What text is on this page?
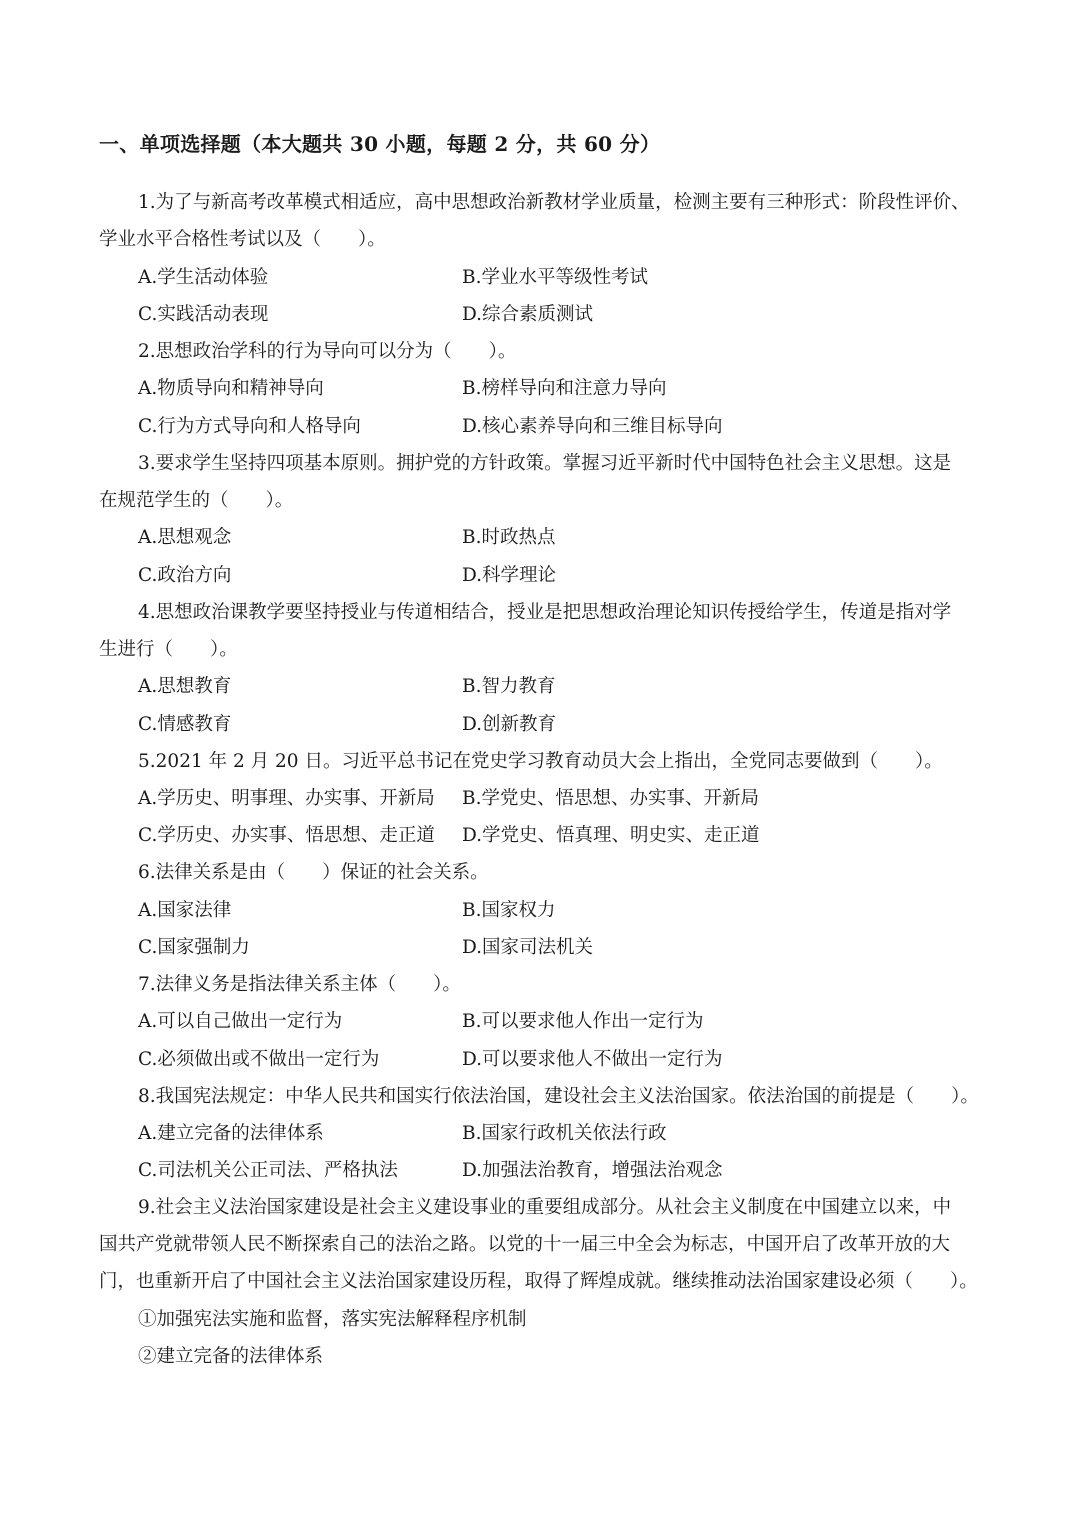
一、单项选择题（本大题共 30 小题，每题 2 分，共 60 分）
1.为了与新高考改革模式相适应，高中思想政治新教材学业质量，检测主要有三种形式：阶段性评价、
学业水平合格性考试以及（　　）。
A.学生活动体验	B.学业水平等级性考试
C.实践活动表现	D.综合素质测试
2.思想政治学科的行为导向可以分为（　　）。
A.物质导向和精神导向	B.榜样导向和注意力导向
C.行为方式导向和人格导向	D.核心素养导向和三维目标导向
3.要求学生坚持四项基本原则。拥护党的方针政策。掌握习近平新时代中国特色社会主义思想。这是
在规范学生的（　　）。
A.思想观念	B.时政热点
C.政治方向	D.科学理论
4.思想政治课教学要坚持授业与传道相结合，授业是把思想政治理论知识传授给学生，传道是指对学
生进行（　　）。
A.思想教育	B.智力教育
C.情感教育	D.创新教育
5.2021 年 2 月 20 日。习近平总书记在党史学习教育动员大会上指出，全党同志要做到（　　）。
A.学历史、明事理、办实事、开新局 B.学党史、悟思想、办实事、开新局
C.学历史、办实事、悟思想、走正道 D.学党史、悟真理、明史实、走正道
6.法律关系是由（　　）保证的社会关系。
A.国家法律	B.国家权力
C.国家强制力	D.国家司法机关
7.法律义务是指法律关系主体（　　）。
A.可以自己做出一定行为	B.可以要求他人作出一定行为
C.必须做出或不做出一定行为	D.可以要求他人不做出一定行为
8.我国宪法规定：中华人民共和国实行依法治国，建设社会主义法治国家。依法治国的前提是（　　）。
A.建立完备的法律体系	B.国家行政机关依法行政
C.司法机关公正司法、严格执法	D.加强法治教育，增强法治观念
9.社会主义法治国家建设是社会主义建设事业的重要组成部分。从社会主义制度在中国建立以来，中
国共产党就带领人民不断探索自己的法治之路。以党的十一届三中全会为标志，中国开启了改革开放的大
门，也重新开启了中国社会主义法治国家建设历程，取得了辉煌成就。继续推动法治国家建设必须（　　）。
①加强宪法实施和监督，落实宪法解释程序机制
②建立完备的法律体系
